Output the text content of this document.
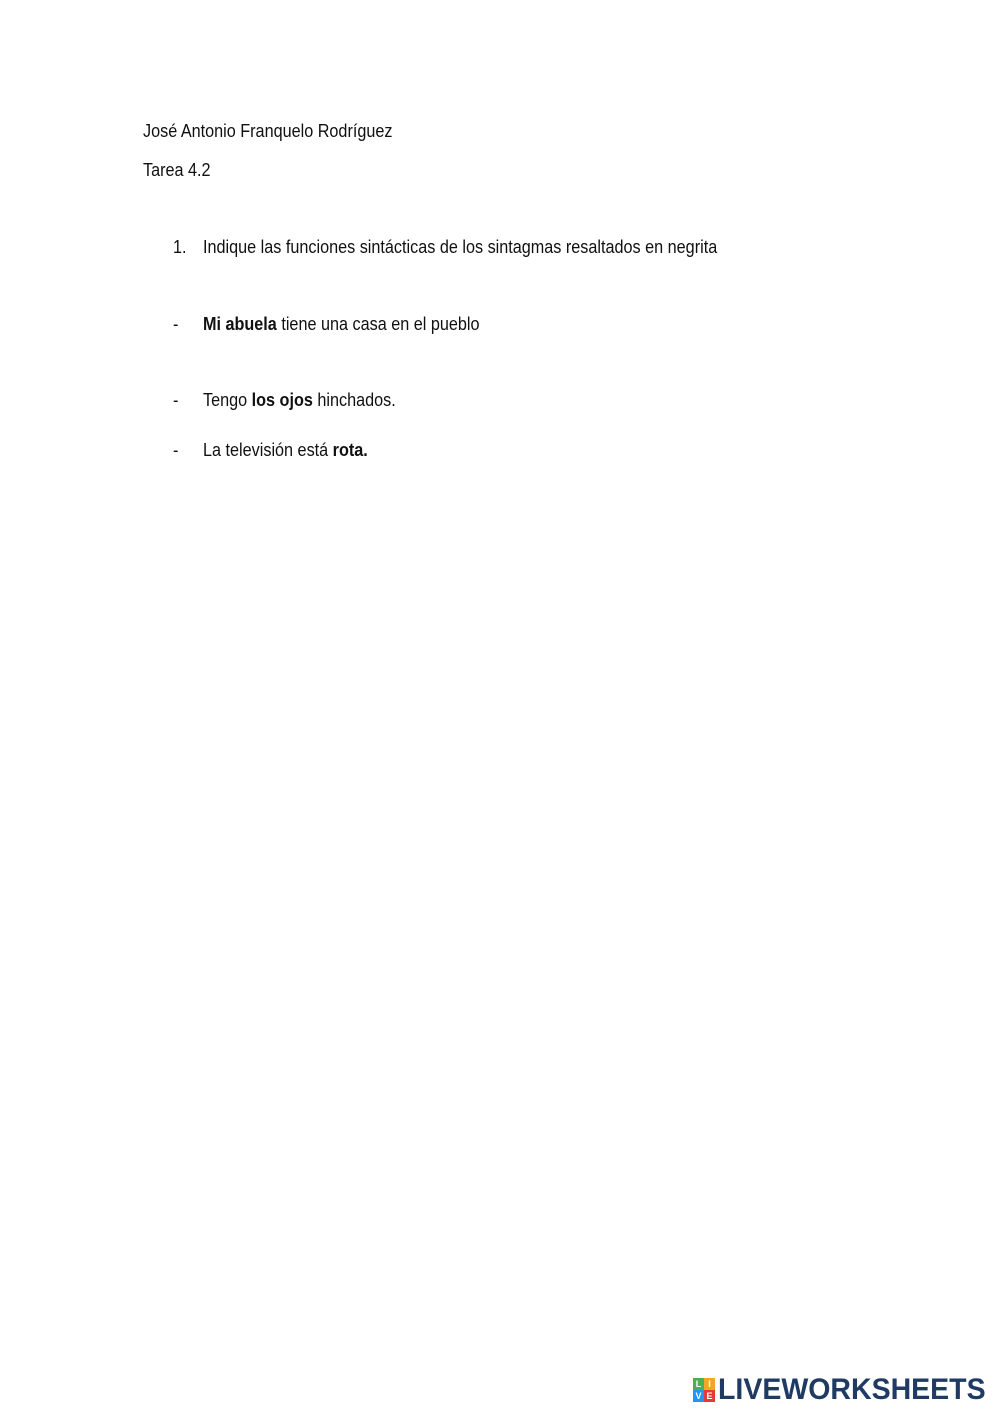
José Antonio Franquelo Rodríguez
Tarea 4.2
1. Indique las funciones sintácticas de los sintagmas resaltados en negrita
- Mi abuela tiene una casa en el pueblo
- Tengo los ojos hinchados.
- La televisión está rota.
L I
V E LIVEWORKSHEETS
